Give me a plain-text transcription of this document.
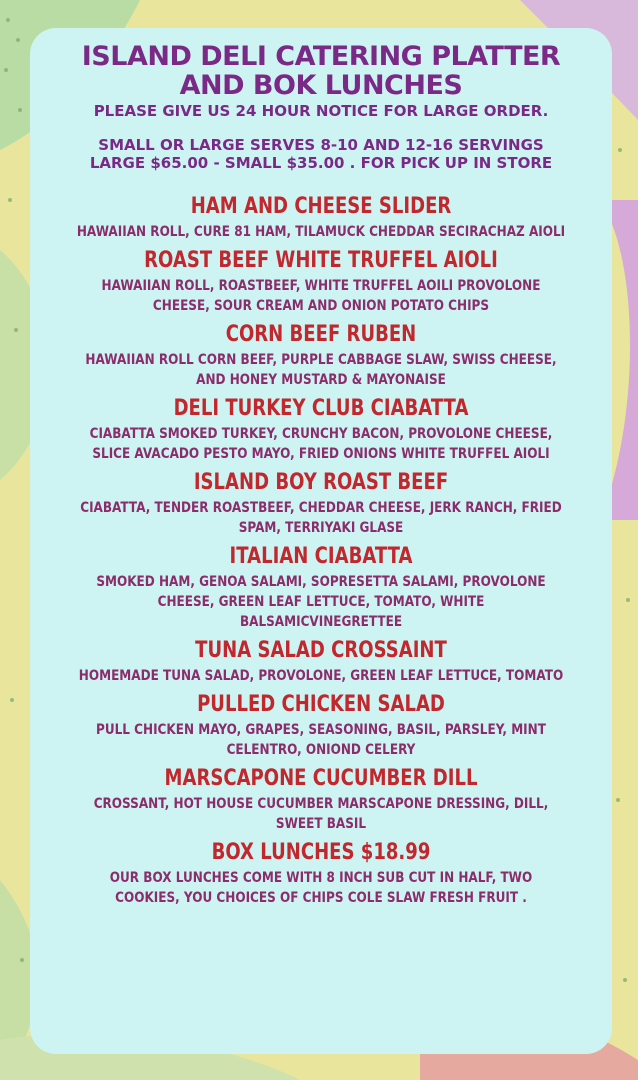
ISLAND DELI CATERING PLATTER
AND BOK LUNCHES

PLEASE GIVE US 24 HOUR NOTICE FOR LARGE ORDER.

SMALL OR LARGE SERVES 8-10 AND 12-16 SERVINGS

LARGE $65.00 - SMALL $35.00 . FOR PICK UP IN STORE

HAM AND CHEESE SLIDER
HAWAIIAN ROLL, CURE 81 HAM, TILAMUCK CHEDDAR SECIRACHAZ AIOLI
ROAST BEEF WHITE TRUFFEL AIOLI
HAWAIIAN ROLL, ROASTBEEF, WHITE TRUFFEL AOILI PROVOLONE CHEESE, SOUR CREAM AND ONION POTATO CHIPS
CORN BEEF RUBEN
HAWAIIAN ROLL CORN BEEF, PURPLE CABBAGE SLAW, SWISS CHEESE, AND HONEY MUSTARD & MAYONAISE
DELI TURKEY CLUB CIABATTA
CIABATTA SMOKED TURKEY, CRUNCHY BACON, PROVOLONE CHEESE, SLICE AVACADO PESTO MAYO, FRIED ONIONS WHITE TRUFFEL AIOLI
ISLAND BOY ROAST BEEF
CIABATTA, TENDER ROASTBEEF, CHEDDAR CHEESE, JERK RANCH, FRIED SPAM, TERRIYAKI GLASE
ITALIAN CIABATTA
SMOKED HAM, GENOA SALAMI, SOPRESETTA SALAMI, PROVOLONE CHEESE, GREEN LEAF LETTUCE, TOMATO, WHITE BALSAMICVINEGRETTEE
TUNA SALAD CROSSAINT
HOMEMADE TUNA SALAD, PROVOLONE, GREEN LEAF LETTUCE, TOMATO
PULLED CHICKEN SALAD
PULL CHICKEN MAYO, GRAPES, SEASONING, BASIL, PARSLEY, MINT CELENTRO, ONIOND CELERY
MARSCAPONE CUCUMBER DILL
CROSSANT, HOT HOUSE CUCUMBER MARSCAPONE DRESSING, DILL, SWEET BASIL
BOX LUNCHES $18.99
OUR BOX LUNCHES COME WITH 8 INCH SUB CUT IN HALF, TWO COOKIES, YOU CHOICES OF CHIPS COLE SLAW FRESH FRUIT .
